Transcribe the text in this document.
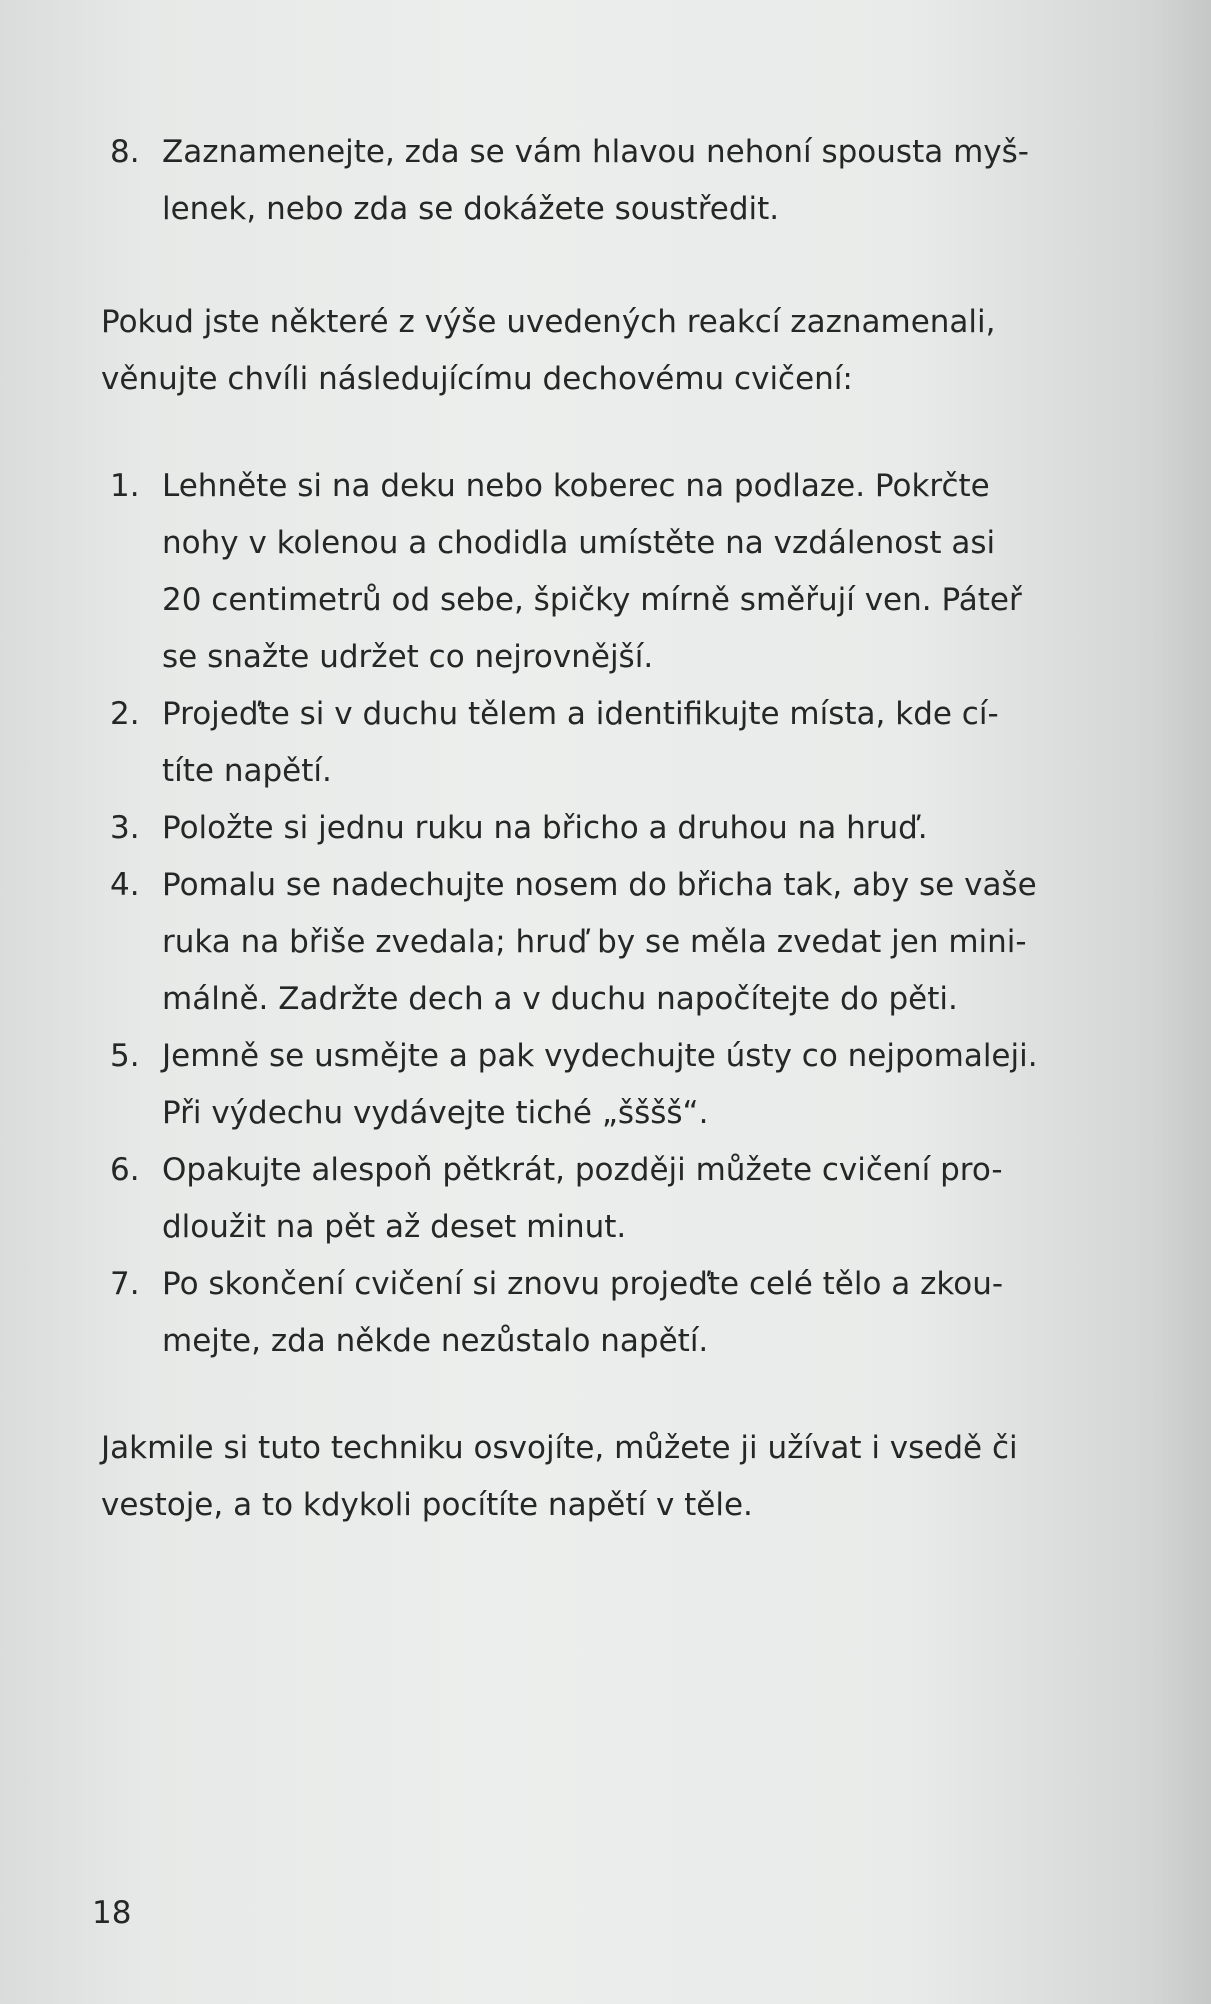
8. Zaznamenejte, zda se vám hlavou nehoní spousta myš-
lenek, nebo zda se dokážete soustředit.
Pokud jste některé z výše uvedených reakcí zaznamenali,
věnujte chvíli následujícímu dechovému cvičení:
1. Lehněte si na deku nebo koberec na podlaze. Pokrčte
nohy v kolenou a chodidla umístěte na vzdálenost asi
20 centimetrů od sebe, špičky mírně směřují ven. Páteř
se snažte udržet co nejrovnější.
2. Projeďte si v duchu tělem a identifikujte místa, kde cí-
títe napětí.
3. Položte si jednu ruku na břicho a druhou na hruď.
4. Pomalu se nadechujte nosem do břicha tak, aby se vaše
ruka na břiše zvedala; hruď by se měla zvedat jen mini-
málně. Zadržte dech a v duchu napočítejte do pěti.
5. Jemně se usmějte a pak vydechujte ústy co nejpomaleji.
Při výdechu vydávejte tiché „šššš“.
6. Opakujte alespoň pětkrát, později můžete cvičení pro-
dloužit na pět až deset minut.
7. Po skončení cvičení si znovu projeďte celé tělo a zkou-
mejte, zda někde nezůstalo napětí.
Jakmile si tuto techniku osvojíte, můžete ji užívat i vsedě či
vestoje, a to kdykoli pocítíte napětí v těle.
18
